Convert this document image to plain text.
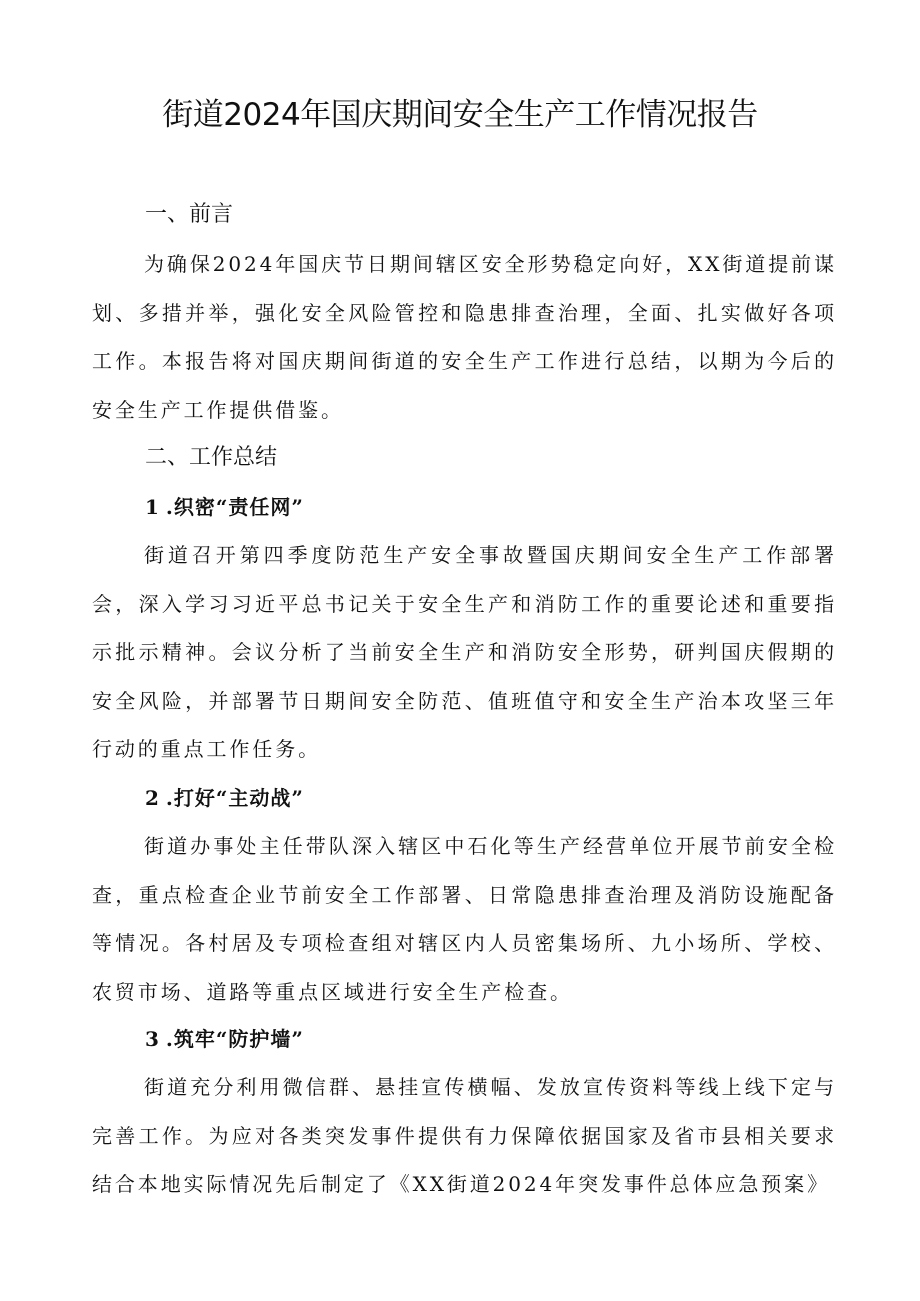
街道2024年国庆期间安全生产工作情况报告
一、前言

为确保2024年国庆节日期间辖区安全形势稳定向好，XX街道提前谋划、多措并举，强化安全风险管控和隐患排查治理，全面、扎实做好各项工作。本报告将对国庆期间街道的安全生产工作进行总结，以期为今后的安全生产工作提供借鉴。

二、工作总结
1 .织密“责任网”

街道召开第四季度防范生产安全事故暨国庆期间安全生产工作部署会，深入学习习近平总书记关于安全生产和消防工作的重要论述和重要指示批示精神。会议分析了当前安全生产和消防安全形势，研判国庆假期的安全风险，并部署节日期间安全防范、值班值守和安全生产治本攻坚三年行动的重点工作任务。

2 .打好“主动战”

街道办事处主任带队深入辖区中石化等生产经营单位开展节前安全检查，重点检查企业节前安全工作部署、日常隐患排查治理及消防设施配备等情况。各村居及专项检查组对辖区内人员密集场所、九小场所、学校、农贸市场、道路等重点区域进行安全生产检查。

3 .筑牢“防护墙”

街道充分利用微信群、悬挂宣传横幅、发放宣传资料等线上线下定与完善工作。为应对各类突发事件提供有力保障依据国家及省市县相关要求结合本地实际情况先后制定了《XX街道2024年突发事件总体应急预案》
